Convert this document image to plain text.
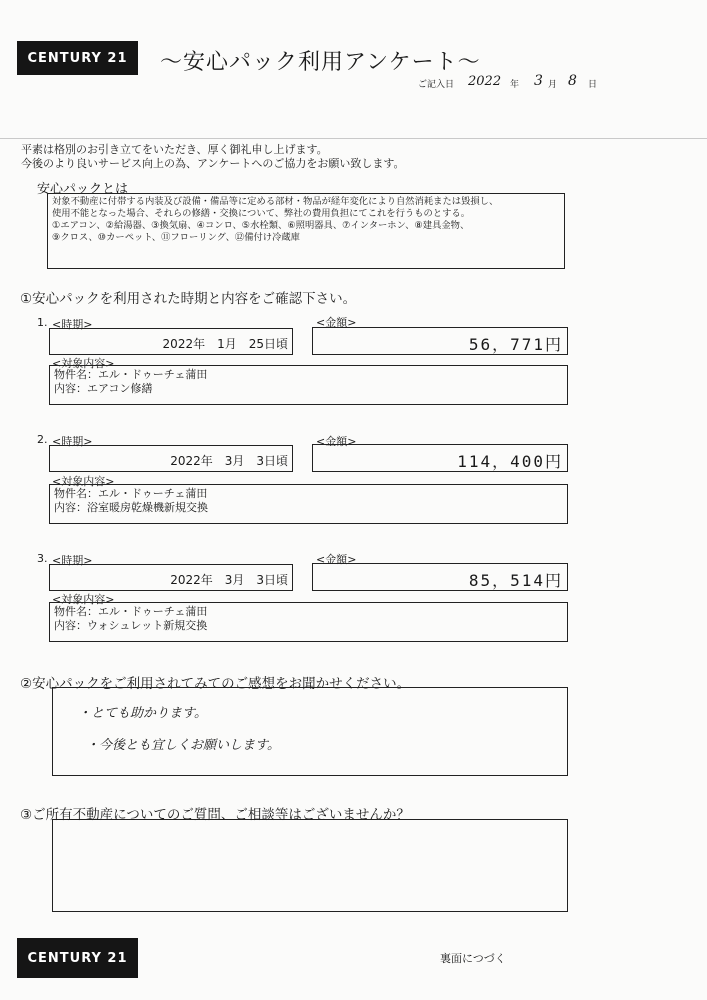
CENTURY 21	～安心パック利用アンケート～
ご記入日 2022 年 3 月 8 日
平素は格別のお引き立てをいただき、厚く御礼申し上げます。
今後のより良いサービス向上の為、アンケートへのご協力をお願い致します。
安心パックとは
対象不動産に付帯する内装及び設備・備品等に定める部材・物品が経年変化により自然消耗または毀損し、
使用不能となった場合、それらの修繕・交換について、弊社の費用負担にてこれを行うものとする。
①エアコン、②給湯器、③換気扇、④コンロ、⑤水栓類、⑥照明器具、⑦インターホン、⑧建具金物、
⑨クロス、⑩カーペット、⑪フローリング、⑫備付け冷蔵庫
①安心パックを利用された時期と内容をご確認下さい。
1. <時期>	<金額>
2022年　1月　25日頃	56，771円
<対象内容>
物件名：エル・ドゥーチェ蒲田
内容：エアコン修繕
2. <時期>	<金額>
2022年　3月　3日頃	114，400円
<対象内容>
物件名：エル・ドゥーチェ蒲田
内容：浴室暖房乾燥機新規交換
3. <時期>	<金額>
2022年　3月　3日頃	85，514円
<対象内容>
物件名：エル・ドゥーチェ蒲田
内容：ウォシュレット新規交換
②安心パックをご利用されてみてのご感想をお聞かせください。
・とても助かります。
・今後とも宜しくお願いします。
③ご所有不動産についてのご質問、ご相談等はございませんか？
CENTURY 21	裏面につづく
